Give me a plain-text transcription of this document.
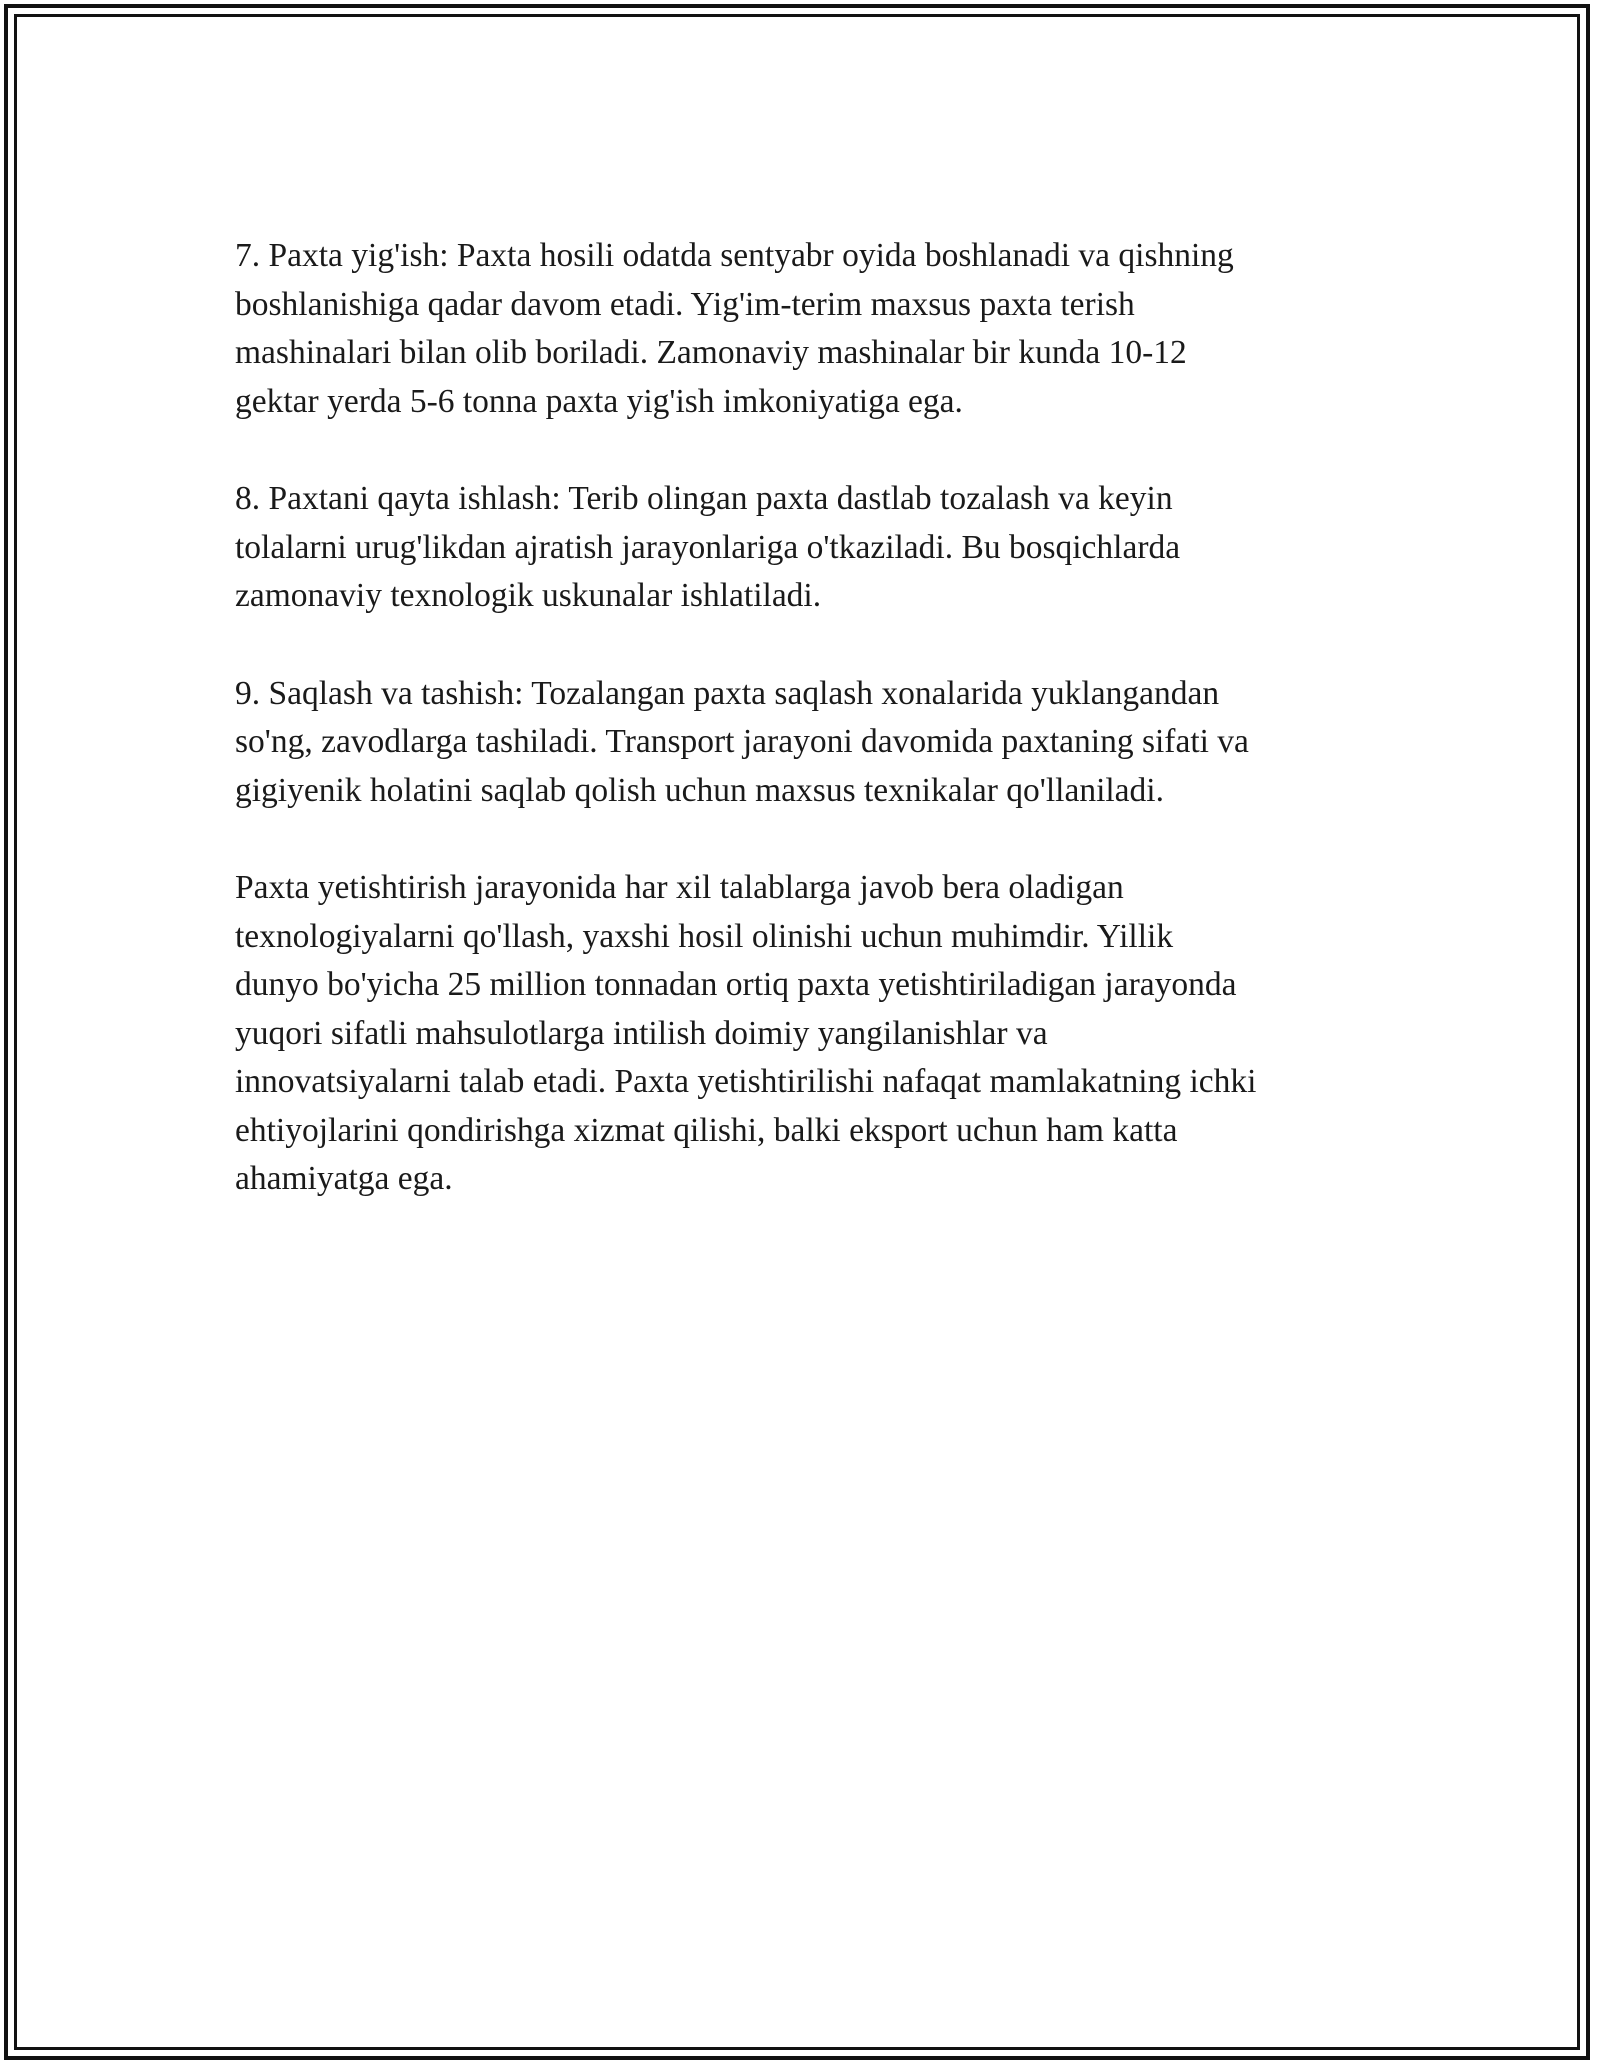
7. Paxta yig'ish: Paxta hosili odatda sentyabr oyida boshlanadi va qishning
boshlanishiga qadar davom etadi. Yig'im-terim maxsus paxta terish
mashinalari bilan olib boriladi. Zamonaviy mashinalar bir kunda 10-12
gektar yerda 5-6 tonna paxta yig'ish imkoniyatiga ega.

8. Paxtani qayta ishlash: Terib olingan paxta dastlab tozalash va keyin
tolalarni urug'likdan ajratish jarayonlariga o'tkaziladi. Bu bosqichlarda
zamonaviy texnologik uskunalar ishlatiladi.

9. Saqlash va tashish: Tozalangan paxta saqlash xonalarida yuklangandan
so'ng, zavodlarga tashiladi. Transport jarayoni davomida paxtaning sifati va
gigiyenik holatini saqlab qolish uchun maxsus texnikalar qo'llaniladi.

Paxta yetishtirish jarayonida har xil talablarga javob bera oladigan
texnologiyalarni qo'llash, yaxshi hosil olinishi uchun muhimdir. Yillik
dunyo bo'yicha 25 million tonnadan ortiq paxta yetishtiriladigan jarayonda
yuqori sifatli mahsulotlarga intilish doimiy yangilanishlar va
innovatsiyalarni talab etadi. Paxta yetishtirilishi nafaqat mamlakatning ichki
ehtiyojlarini qondirishga xizmat qilishi, balki eksport uchun ham katta
ahamiyatga ega.
